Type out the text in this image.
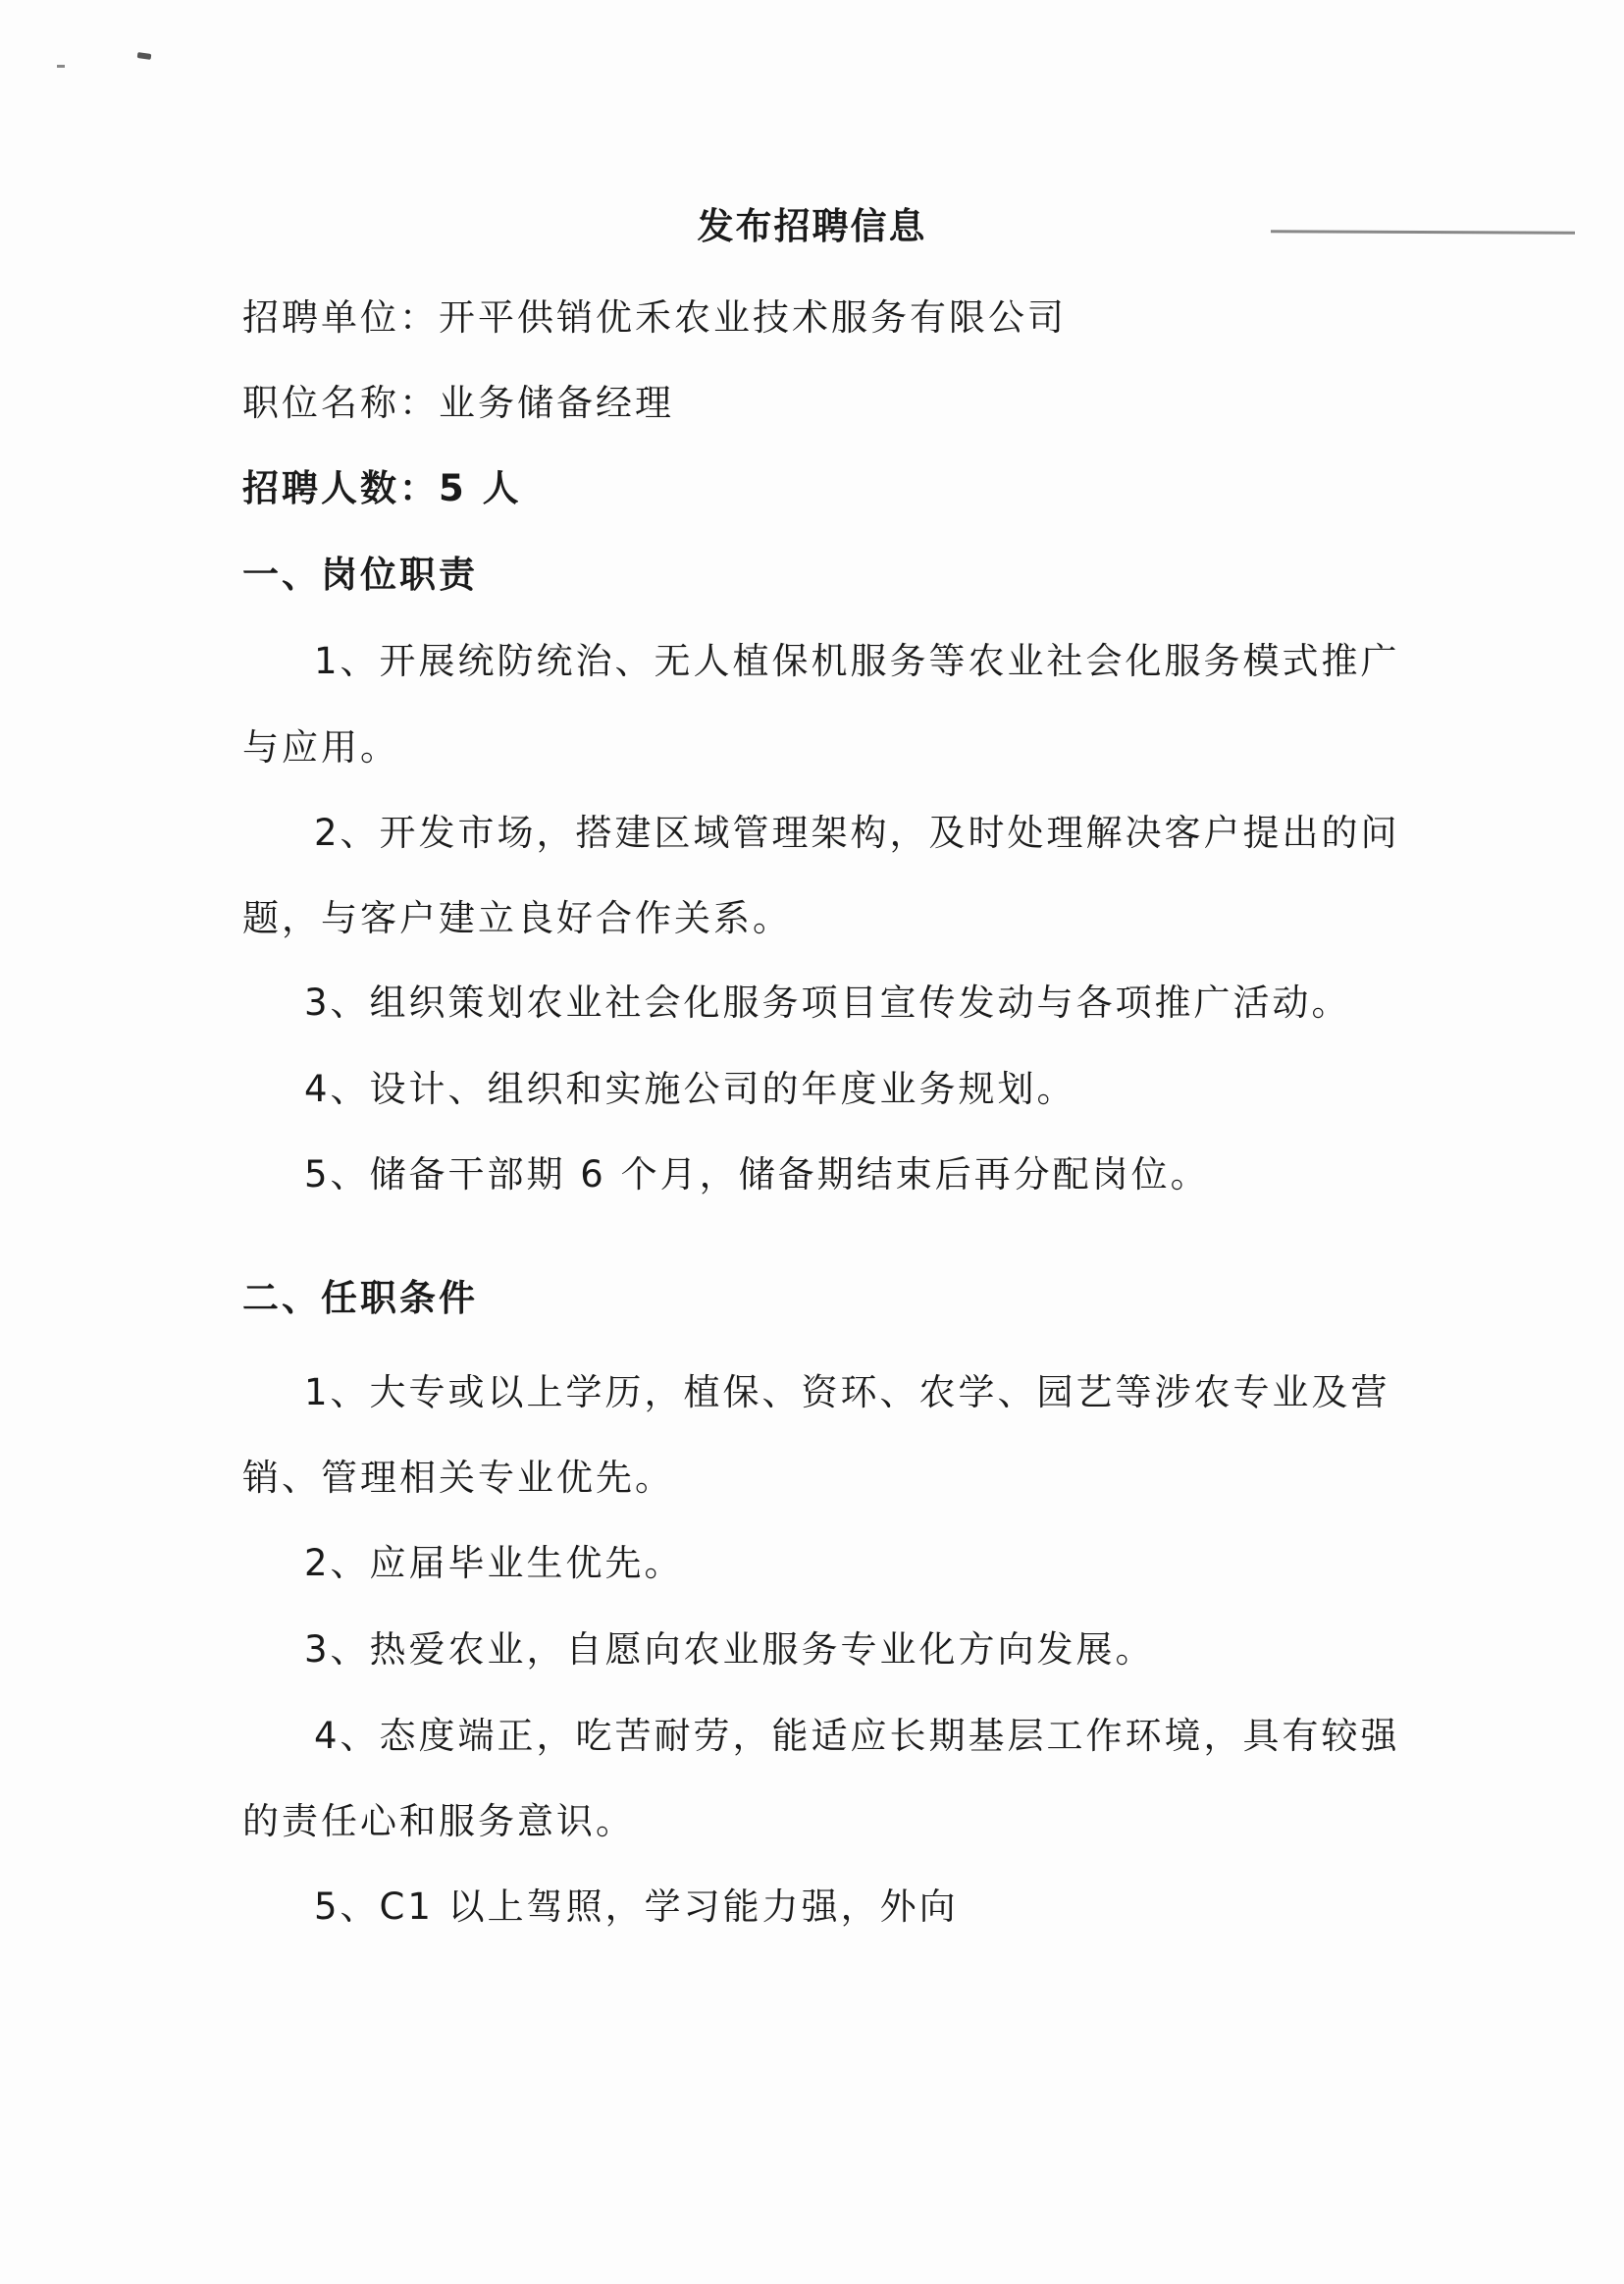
发布招聘信息
招聘单位：开平供销优禾农业技术服务有限公司
职位名称：业务储备经理
招聘人数：5 人
一、岗位职责
1、开展统防统治、无人植保机服务等农业社会化服务模式推广
与应用。
2、开发市场，搭建区域管理架构，及时处理解决客户提出的问
题，与客户建立良好合作关系。
3、组织策划农业社会化服务项目宣传发动与各项推广活动。
4、设计、组织和实施公司的年度业务规划。
5、储备干部期 6 个月，储备期结束后再分配岗位。
二、任职条件
1、大专或以上学历，植保、资环、农学、园艺等涉农专业及营
销、管理相关专业优先。
2、应届毕业生优先。
3、热爱农业，自愿向农业服务专业化方向发展。
4、态度端正，吃苦耐劳，能适应长期基层工作环境，具有较强
的责任心和服务意识。
5、C1 以上驾照，学习能力强，外向
